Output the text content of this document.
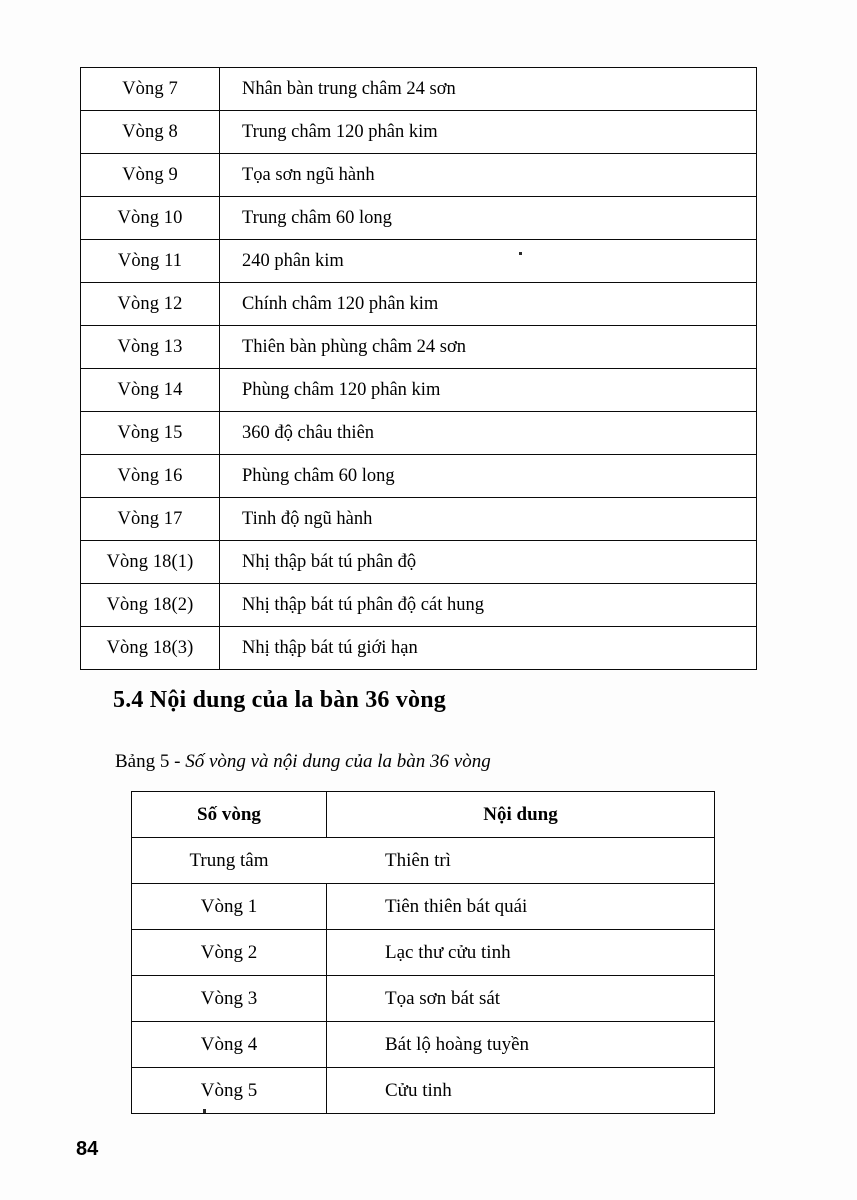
Vòng 7	Nhân bàn trung châm 24 sơn
Vòng 8	Trung châm 120 phân kim
Vòng 9	Tọa sơn ngũ hành
Vòng 10	Trung châm 60 long
Vòng 11	240 phân kim
Vòng 12	Chính châm 120 phân kim
Vòng 13	Thiên bàn phùng châm 24 sơn
Vòng 14	Phùng châm 120 phân kim
Vòng 15	360 độ châu thiên
Vòng 16	Phùng châm 60 long
Vòng 17	Tinh độ ngũ hành
Vòng 18(1)	Nhị thập bát tú phân độ
Vòng 18(2)	Nhị thập bát tú phân độ cát hung
Vòng 18(3)	Nhị thập bát tú giới hạn
5.4 Nội dung của la bàn 36 vòng
Bảng 5 - Số vòng và nội dung của la bàn 36 vòng
Số vòng	Nội dung
Trung tâm	Thiên trì
Vòng 1	Tiên thiên bát quái
Vòng 2	Lạc thư cửu tinh
Vòng 3	Tọa sơn bát sát
Vòng 4	Bát lộ hoàng tuyền
Vòng 5	Cửu tinh
84
